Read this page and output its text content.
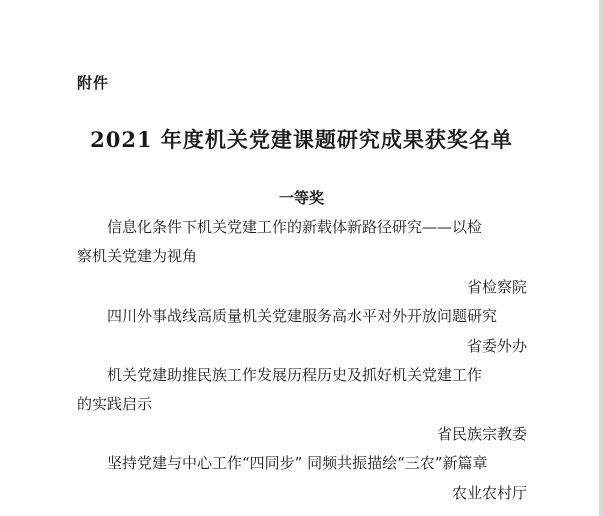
附件
2021 年度机关党建课题研究成果获奖名单
一等奖
信息化条件下机关党建工作的新载体新路径研究——以检
察机关党建为视角
省检察院
四川外事战线高质量机关党建服务高水平对外开放问题研究
省委外办
机关党建助推民族工作发展历程历史及抓好机关党建工作
的实践启示
省民族宗教委
坚持党建与中心工作“四同步” 同频共振描绘“三农”新篇章
农业农村厅
